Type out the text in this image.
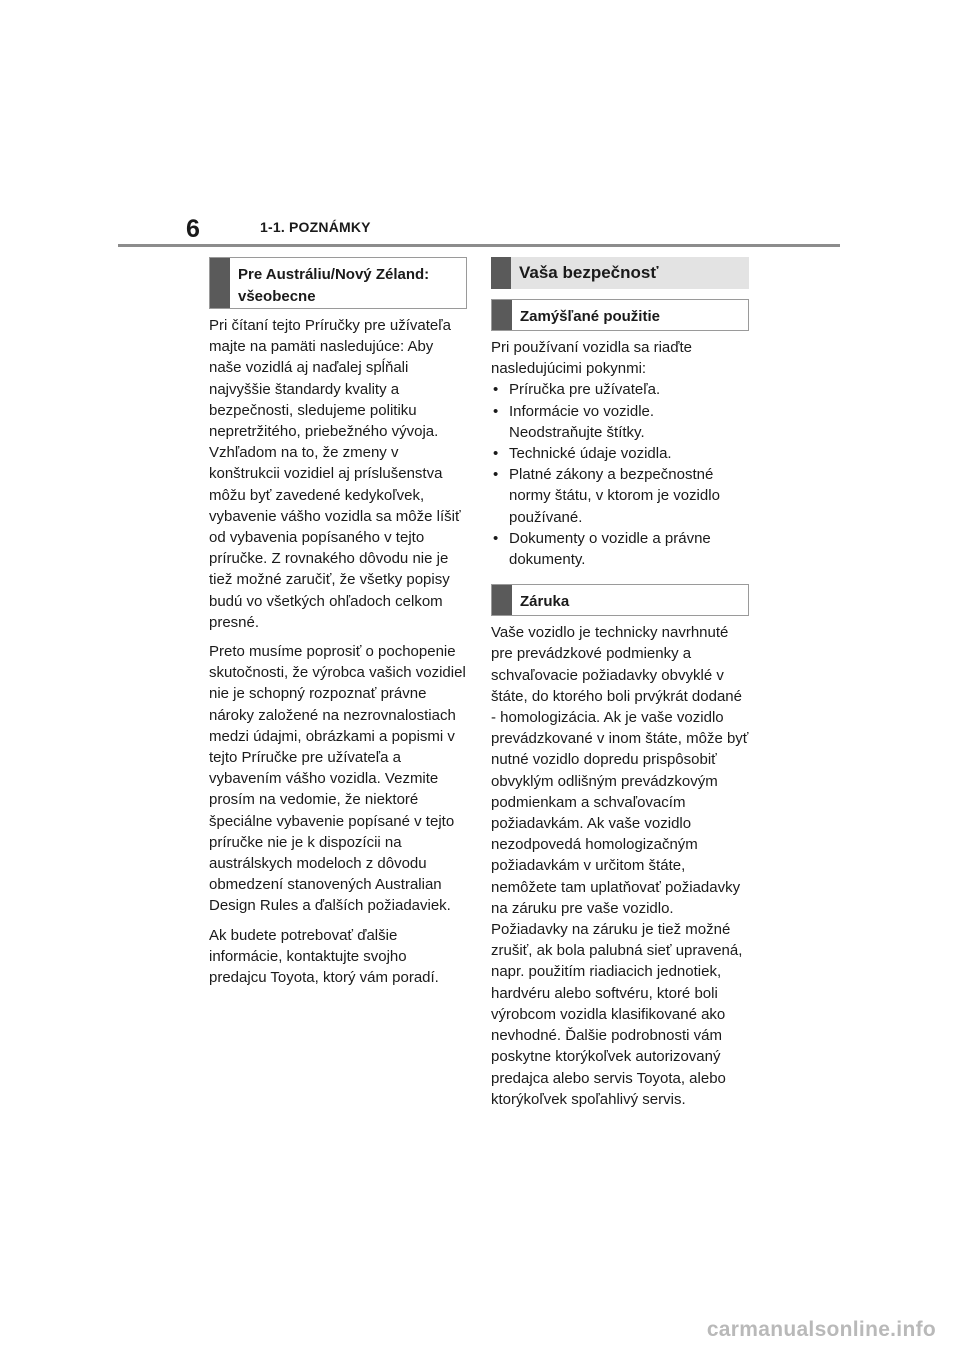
6	1-1. POZNÁMKY
Pre Austráliu/Nový Zéland: všeobecne

Pri čítaní tejto Príručky pre užívateľa majte na pamäti nasledujúce: Aby naše vozidlá aj naďalej spĺňali najvyššie štandardy kvality a bezpečnosti, sledujeme politiku nepretržitého, priebežného vývoja. Vzhľadom na to, že zmeny v konštrukcii vozidiel aj príslušenstva môžu byť zavedené kedykoľvek, vybavenie vášho vozidla sa môže líšiť od vybavenia popísaného v tejto príručke. Z rovnakého dôvodu nie je tiež možné zaručiť, že všetky popisy budú vo všetkých ohľadoch celkom presné.

Preto musíme poprosiť o pochopenie skutočnosti, že výrobca vašich vozidiel nie je schopný rozpoznať právne nároky založené na nezrovnalostiach medzi údajmi, obrázkami a popismi v tejto Príručke pre užívateľa a vybavením vášho vozidla. Vezmite prosím na vedomie, že niektoré špeciálne vybavenie popísané v tejto príručke nie je k dispozícii na austrálskych modeloch z dôvodu obmedzení stanovených Australian Design Rules a ďalších požiadaviek.

Ak budete potrebovať ďalšie informácie, kontaktujte svojho predajcu Toyota, ktorý vám poradí.

Vaša bezpečnosť
Zamýšľané použitie

Pri používaní vozidla sa riaďte nasledujúcimi pokynmi:

• Príručka pre užívateľa.
• Informácie vo vozidle. Neodstraňujte štítky.
• Technické údaje vozidla.
• Platné zákony a bezpečnostné normy štátu, v ktorom je vozidlo používané.
• Dokumenty o vozidle a právne dokumenty.
Záruka

Vaše vozidlo je technicky navrhnuté pre prevádzkové podmienky a schvaľovacie požiadavky obvyklé v štáte, do ktorého boli prvýkrát dodané - homologizácia. Ak je vaše vozidlo prevádzkované v inom štáte, môže byť nutné vozidlo dopredu prispôsobiť obvyklým odlišným prevádzkovým podmienkam a schvaľovacím požiadavkám. Ak vaše vozidlo nezodpovedá homologizačným požiadavkám v určitom štáte, nemôžete tam uplatňovať požiadavky na záruku pre vaše vozidlo. Požiadavky na záruku je tiež možné zrušiť, ak bola palubná sieť upravená, napr. použitím riadiacich jednotiek, hardvéru alebo softvéru, ktoré boli výrobcom vozidla klasifikované ako nevhodné. Ďalšie podrobnosti vám poskytne ktorýkoľvek autorizovaný predajca alebo servis Toyota, alebo ktorýkoľvek spoľahlivý servis.

carmanualsonline.info
